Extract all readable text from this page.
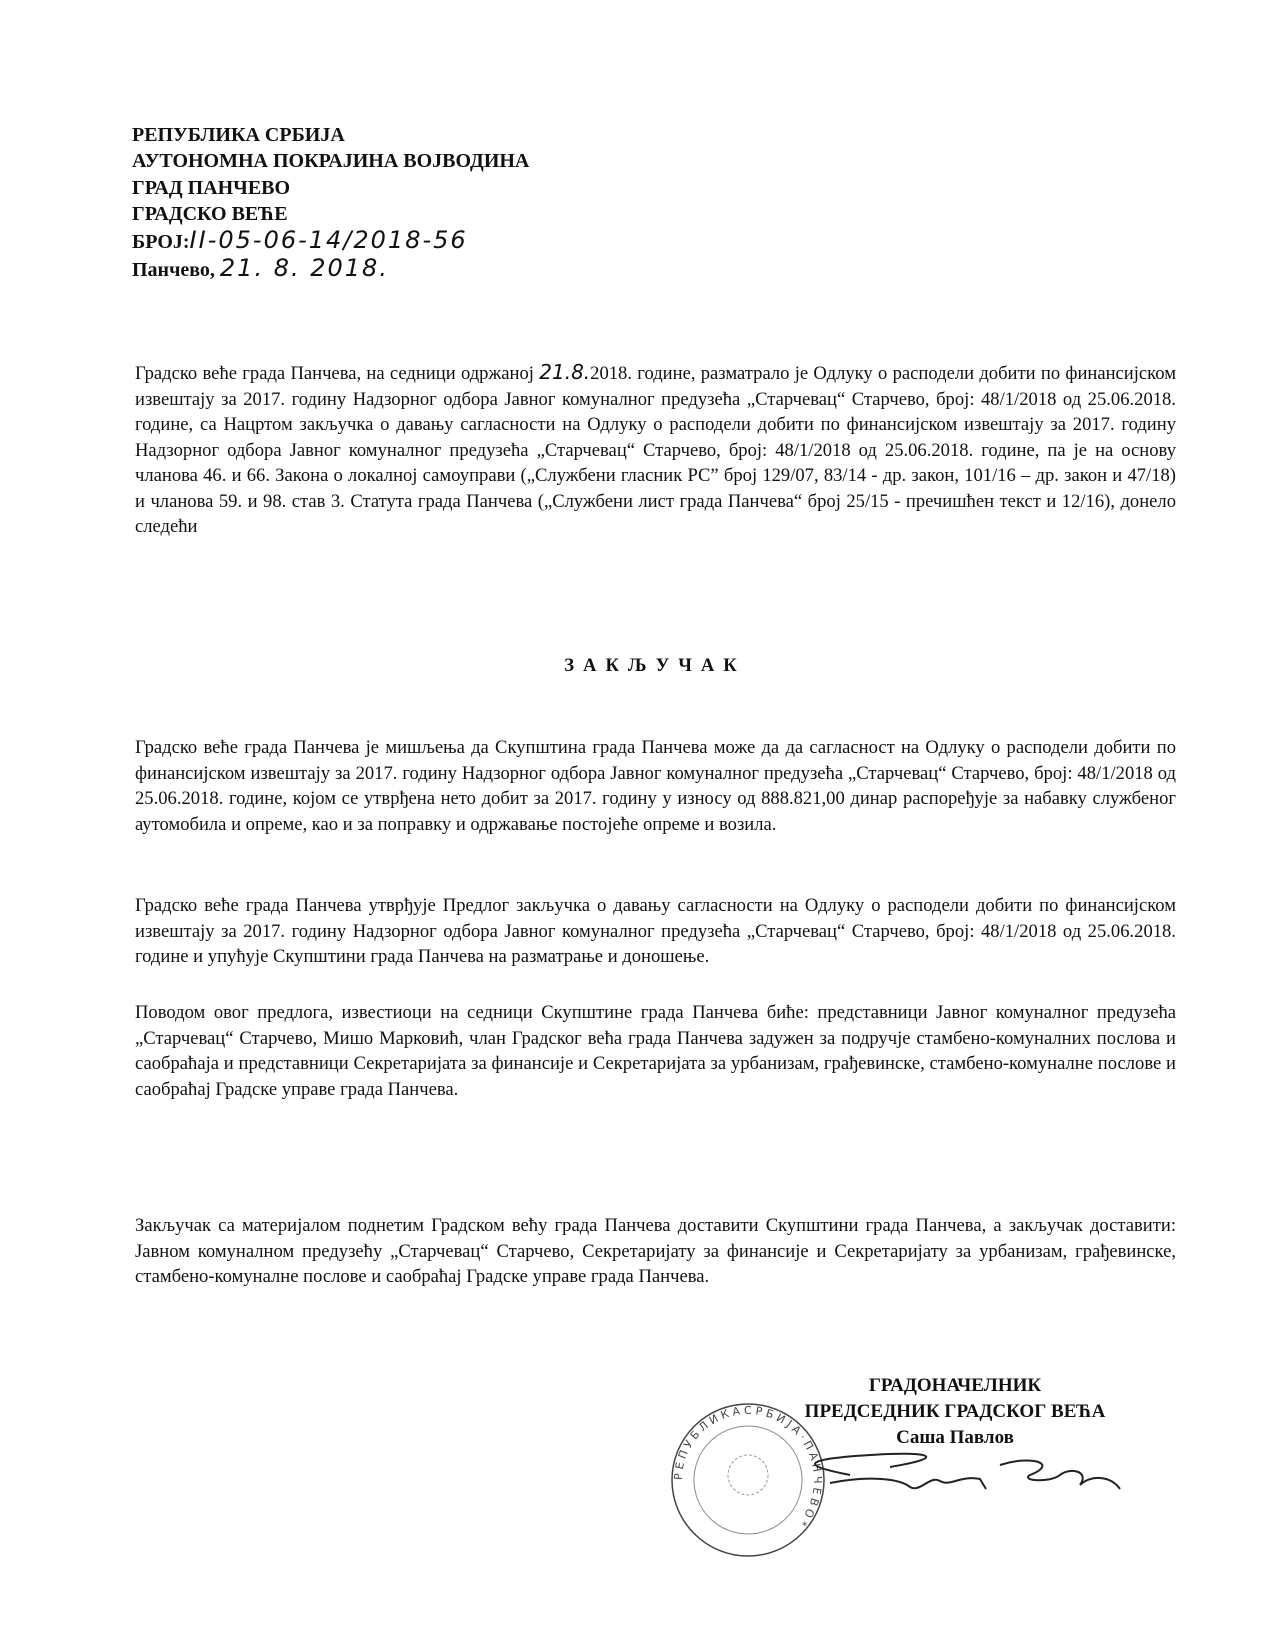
РЕПУБЛИКА СРБИЈА
АУТОНОМНА ПОКРАЈИНА ВОЈВОДИНА
ГРАД ПАНЧЕВО
ГРАДСКО ВЕЋЕ
БРОЈ:II-05-06-14/2018-56
Панчево, 21. 8. 2018.
Градско веће града Панчева, на седници одржаној 21.8.2018. године, разматрало је Одлуку о расподели добити по финансијском извештају за 2017. годину Надзорног одбора Јавног комуналног предузећа „Старчевац“ Старчево, број: 48/1/2018 од 25.06.2018. године, са Нацртом закључка о давању сагласности на Одлуку о расподели добити по финансијском извештају за 2017. годину Надзорног одбора Јавног комуналног предузећа „Старчевац“ Старчево, број: 48/1/2018 од 25.06.2018. године, па је на основу чланова 46. и 66. Закона о локалној самоуправи („Службени гласник РС” број 129/07, 83/14 - др. закон, 101/16 – др. закон и 47/18) и чланова 59. и 98. став 3. Статута града Панчева („Службени лист града Панчева“ број 25/15 - пречишћен текст и 12/16), донело следећи
ЗАКЉУЧАК
Градско веће града Панчева је мишљења да Скупштина града Панчева може да да сагласност на Одлуку о расподели добити по финансијском извештају за 2017. годину Надзорног одбора Јавног комуналног предузећа „Старчевац“ Старчево, број: 48/1/2018 од 25.06.2018. године, којом се утврђена нето добит за 2017. годину у износу од 888.821,00 динар распоређује за набавку службеног аутомобила и опреме, као и за поправку и одржавање постојеће опреме и возила.
Градско веће града Панчева утврђује Предлог закључка о давању сагласности на Одлуку о расподели добити по финансијском извештају за 2017. годину Надзорног одбора Јавног комуналног предузећа „Старчевац“ Старчево, број: 48/1/2018 од 25.06.2018. године и упућује Скупштини града Панчева на разматрање и доношење.
Поводом овог предлога, известиоци на седници Скупштине града Панчева биће: представници Јавног комуналног предузећа „Старчевац“ Старчево, Мишо Марковић, члан Градског већа града Панчева задужен за подручје стамбено-комуналних послова и саобраћаја и представници Секретаријата за финансије и Секретаријата за урбанизам, грађевинске, стамбено-комуналне послове и саобраћај Градске управе града Панчева.
Закључак са материјалом поднетим Градском већу града Панчева доставити Скупштини града Панчева, а закључак доставити: Јавном комуналном предузећу „Старчевац“ Старчево, Секретаријату за финансије и Секретаријату за урбанизам, грађевинске, стамбено-комуналне послове и саобраћај Градске управе града Панчева.
Р Е П У Б Л И К А С Р Б И Ј А · П А Н Ч Е В О *
ГРАДОНАЧЕЛНИК
ПРЕДСЕДНИК ГРАДСКОГ ВЕЋА
Саша Павлов
